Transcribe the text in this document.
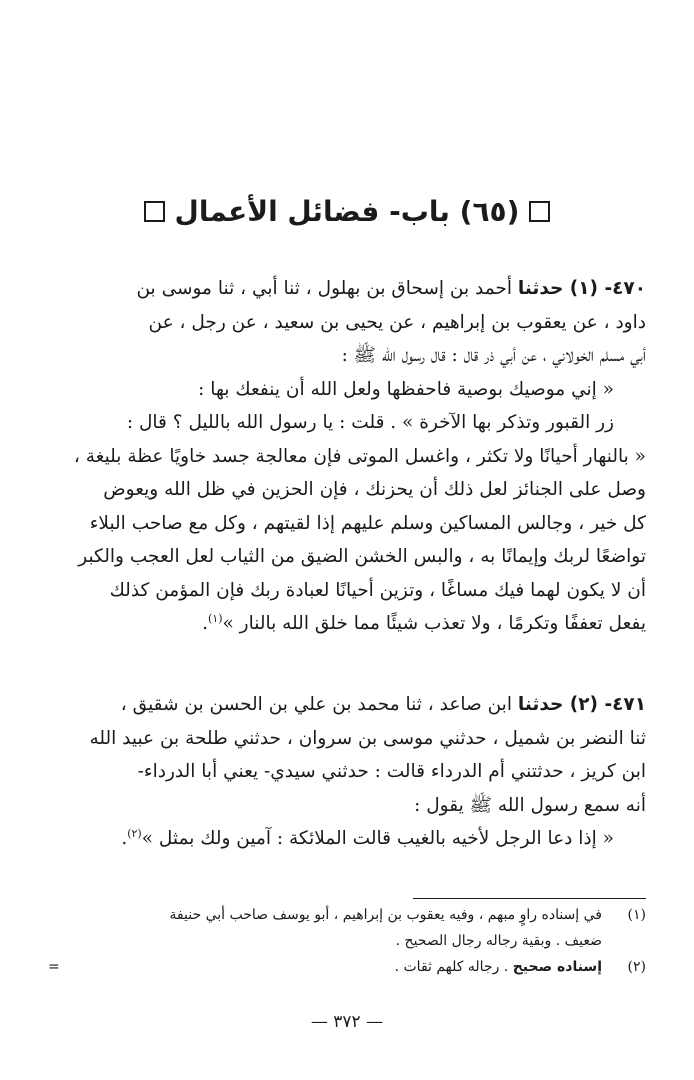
(٦٥) باب- فضائل الأعمال

٤٧٠- (١) حدثنا أحمد بن إسحاق بن بهلول ، ثنا أبي ، ثنا موسى بن

داود ، عن يعقوب بن إبراهيم ، عن يحيى بن سعيد ، عن رجل ، عن

أبي مسلم الخولاني ، عن أبي ذر قال : قال رسول الله ﷺ :

« إني موصيك بوصية فاحفظها ولعل الله أن ينفعك بها :

زر القبور وتذكر بها الآخرة » . قلت : يا رسول الله بالليل ؟ قال :

« بالنهار أحيانًا ولا تكثر ، واغسل الموتى فإن معالجة جسد خاويًا عظة بليغة ،

وصل على الجنائز لعل ذلك أن يحزنك ، فإن الحزين في ظل الله ويعوض

كل خير ، وجالس المساكين وسلم عليهم إذا لقيتهم ، وكل مع صاحب البلاء

تواضعًا لربك وإيمانًا به ، والبس الخشن الضيق من الثياب لعل العجب والكبر

أن لا يكون لهما فيك مساغًا ، وتزين أحيانًا لعبادة ربك فإن المؤمن كذلك

يفعل تعففًا وتكرمًا ، ولا تعذب شيئًا مما خلق الله بالنار »$^{(١)}$.

٤٧١- (٢) حدثنا ابن صاعد ، ثنا محمد بن علي بن الحسن بن شقيق ،

ثنا النضر بن شميل ، حدثني موسى بن سروان ، حدثني طلحة بن عبيد الله

ابن كريز ، حدثتني أم الدرداء قالت : حدثني سيدي- يعني أبا الدرداء-

أنه سمع رسول الله ﷺ يقول :

« إذا دعا الرجل لأخيه بالغيب قالت الملائكة : آمين ولك بمثل »$^{(٢)}$.

(١)
في إسناده راوٍ مبهم ، وفيه يعقوب بن إبراهيم ، أبو يوسف صاحب أبي حنيفة
ضعيف . وبقية رجاله رجال الصحيح .
(٢)
إسناده صحيح . رجاله كلهم ثقات .
=
— ٣٧٢ —
